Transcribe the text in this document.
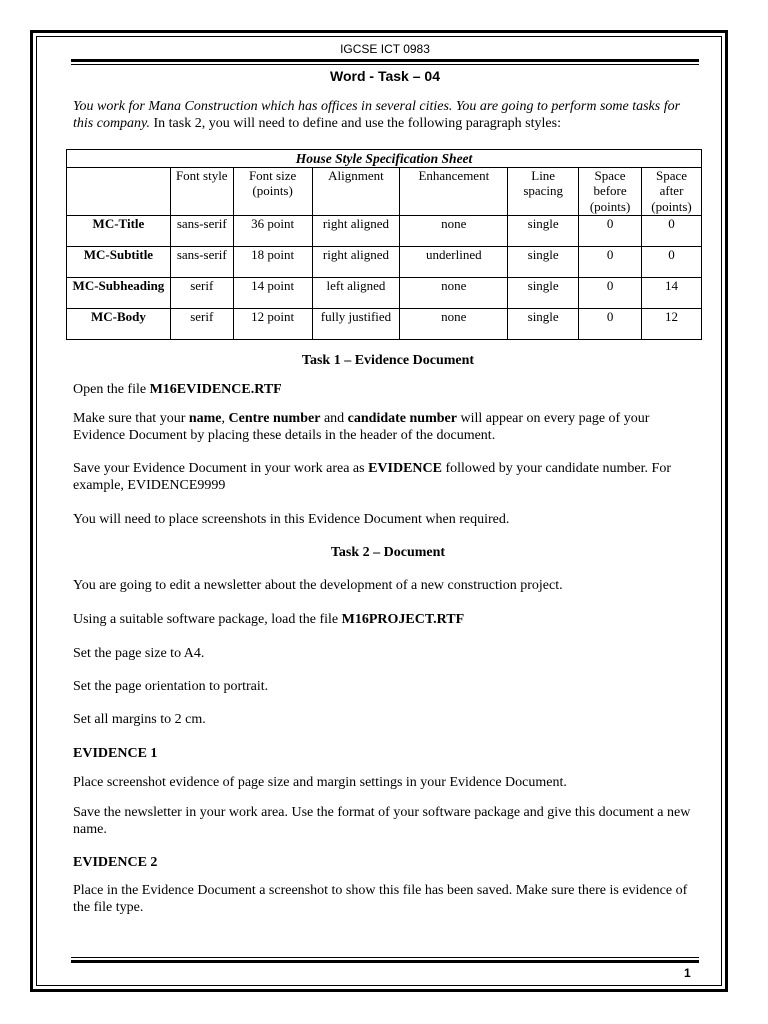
IGCSE ICT 0983
Word - Task – 04
You work for Mana Construction which has offices in several cities. You are going to perform some tasks for this company. In task 2, you will need to define and use the following paragraph styles:
House Style Specification Sheet							
	Font style	Font size (points)	Alignment	Enhancement	Line spacing	Space before (points)	Space after (points)
MC-Title	sans-serif	36 point	right aligned	none	single	0	0
MC-Subtitle	sans-serif	18 point	right aligned	underlined	single	0	0
MC-Subheading	serif	14 point	left aligned	none	single	0	14
MC-Body	serif	12 point	fully justified	none	single	0	12
Task 1 – Evidence Document
Open the file M16EVIDENCE.RTF
Make sure that your name, Centre number and candidate number will appear on every page of your Evidence Document by placing these details in the header of the document.
Save your Evidence Document in your work area as EVIDENCE followed by your candidate number. For example, EVIDENCE9999
You will need to place screenshots in this Evidence Document when required.
Task 2 – Document
You are going to edit a newsletter about the development of a new construction project.
Using a suitable software package, load the file M16PROJECT.RTF
Set the page size to A4.
Set the page orientation to portrait.
Set all margins to 2 cm.
EVIDENCE 1
Place screenshot evidence of page size and margin settings in your Evidence Document.
Save the newsletter in your work area. Use the format of your software package and give this document a new name.
EVIDENCE 2
Place in the Evidence Document a screenshot to show this file has been saved. Make sure there is evidence of the file type.
1
